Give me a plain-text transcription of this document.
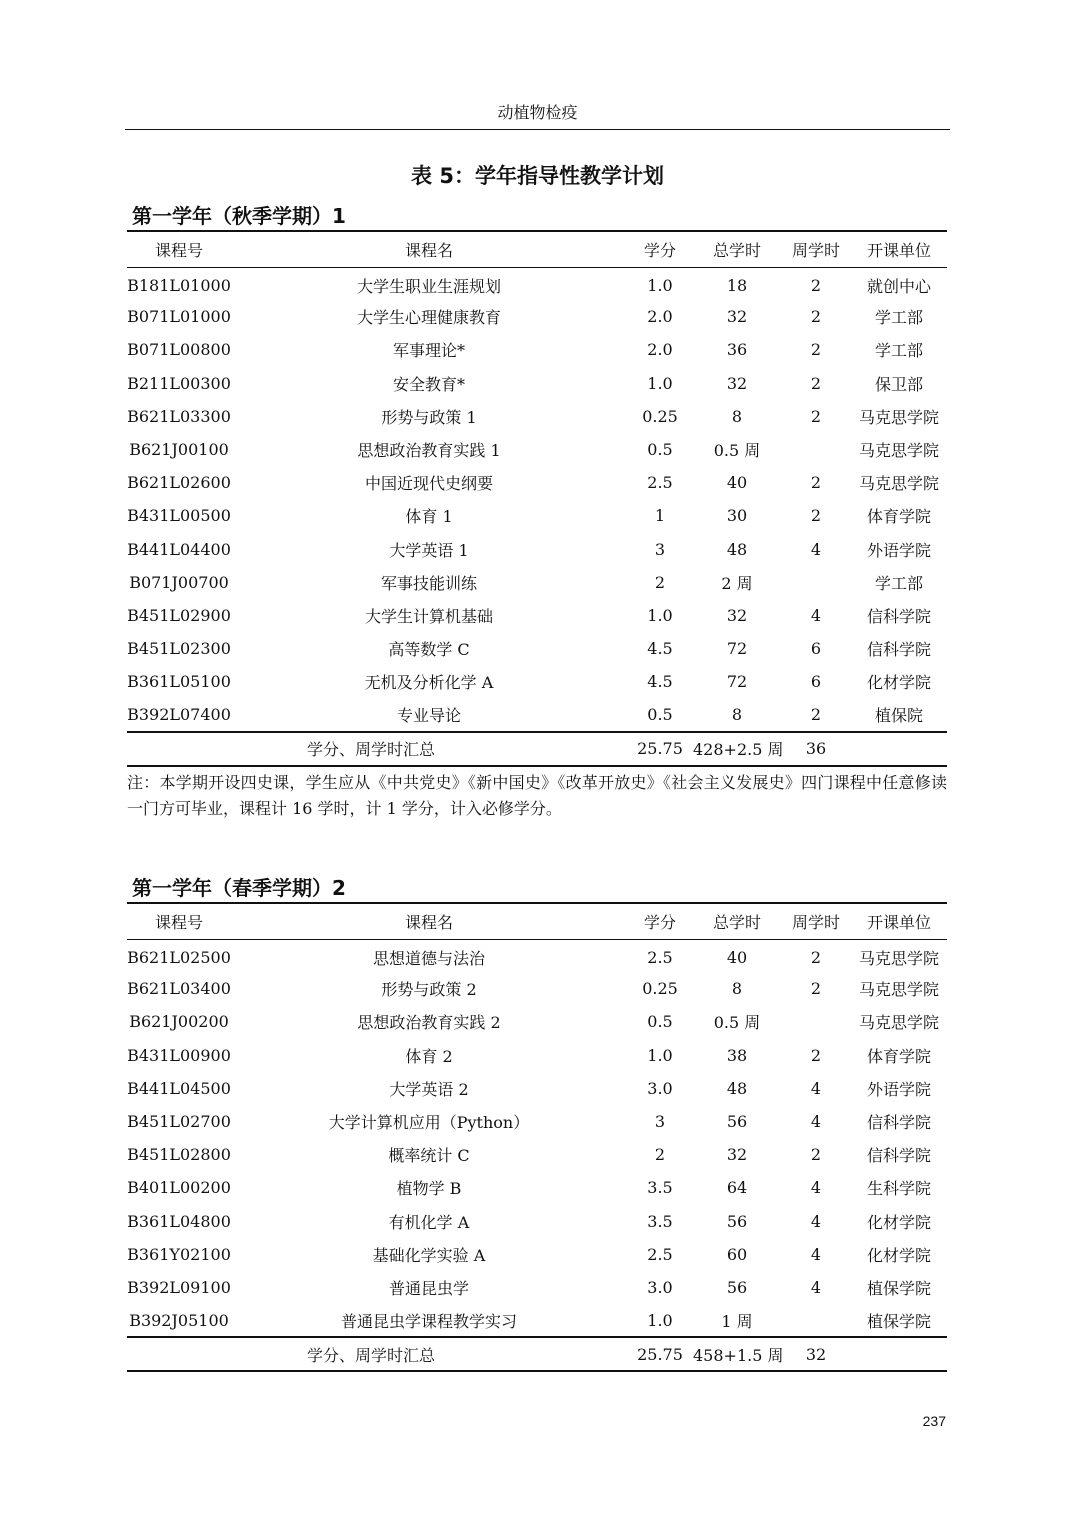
动植物检疫
表 5：学年指导性教学计划
第一学年（秋季学期）1
课程号	课程名	学分	总学时	周学时	开课单位
B181L01000	大学生职业生涯规划	1.0	18	2	就创中心
B071L01000	大学生心理健康教育	2.0	32	2	学工部
B071L00800	军事理论*	2.0	36	2	学工部
B211L00300	安全教育*	1.0	32	2	保卫部
B621L03300	形势与政策 1	0.25	8	2	马克思学院
B621J00100	思想政治教育实践 1	0.5	0.5 周		马克思学院
B621L02600	中国近现代史纲要	2.5	40	2	马克思学院
B431L00500	体育 1	1	30	2	体育学院
B441L04400	大学英语 1	3	48	4	外语学院
B071J00700	军事技能训练	2	2 周		学工部
B451L02900	大学生计算机基础	1.0	32	4	信科学院
B451L02300	高等数学 C	4.5	72	6	信科学院
B361L05100	无机及分析化学 A	4.5	72	6	化材学院
B392L07400	专业导论	0.5	8	2	植保院
学分、周学时汇总		25.75	428+2.5 周	36	
注：本学期开设四史课，学生应从《中共党史》《新中国史》《改革开放史》《社会主义发展史》四门课程中任意修读一门方可毕业，课程计 16 学时，计 1 学分，计入必修学分。
第一学年（春季学期）2
课程号	课程名	学分	总学时	周学时	开课单位
B621L02500	思想道德与法治	2.5	40	2	马克思学院
B621L03400	形势与政策 2	0.25	8	2	马克思学院
B621J00200	思想政治教育实践 2	0.5	0.5 周		马克思学院
B431L00900	体育 2	1.0	38	2	体育学院
B441L04500	大学英语 2	3.0	48	4	外语学院
B451L02700	大学计算机应用（Python）	3	56	4	信科学院
B451L02800	概率统计 C	2	32	2	信科学院
B401L00200	植物学 B	3.5	64	4	生科学院
B361L04800	有机化学 A	3.5	56	4	化材学院
B361Y02100	基础化学实验 A	2.5	60	4	化材学院
B392L09100	普通昆虫学	3.0	56	4	植保学院
B392J05100	普通昆虫学课程教学实习	1.0	1 周		植保学院
学分、周学时汇总		25.75	458+1.5 周	32	
237
